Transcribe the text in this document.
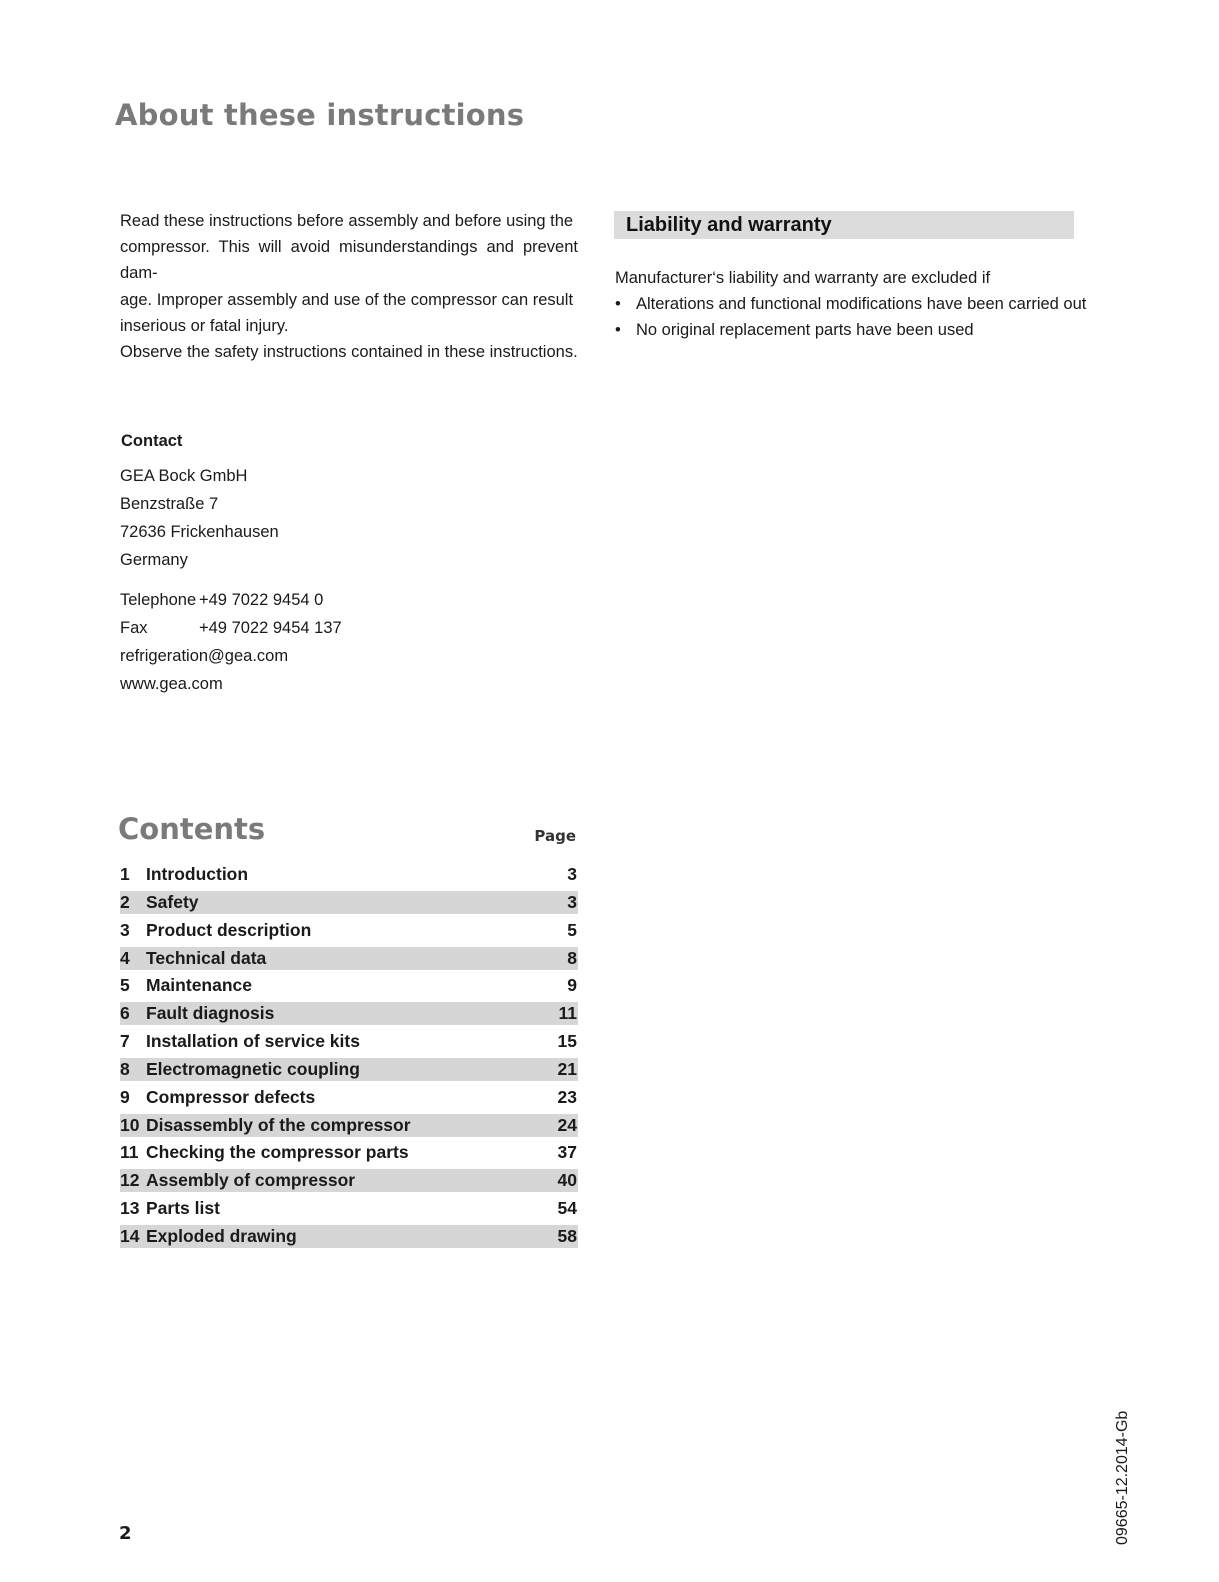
About these instructions

Read these instructions before assembly and before using the

compressor. This will avoid misunderstandings and prevent dam-

age. Improper assembly and use of the compressor can result

inserious or fatal injury.

Observe the safety instructions contained in these instructions.

Liability and warranty
Manufacturer‘s liability and warranty are excluded if
• Alterations and functional modifications have been carried out
• No original replacement parts have been used
Contact
GEA Bock GmbH
Benzstraße 7
72636 Frickenhausen
Germany
Telephone +49 7022 9454 0
Fax	+49 7022 9454 137
refrigeration@gea.com
www.gea.com
Contents	Page
1 Introduction	3
2 Safety	3
3 Product description	5
4 Technical data	8
5 Maintenance	9
6 Fault diagnosis	11
7 Installation of service kits	15
8 Electromagnetic coupling	21
9 Compressor defects	23
10 Disassembly of the compressor	24
11 Checking the compressor parts	37
12 Assembly of compressor	40
13 Parts list	54
14 Exploded drawing	58
2	09665-12.2014-Gb
